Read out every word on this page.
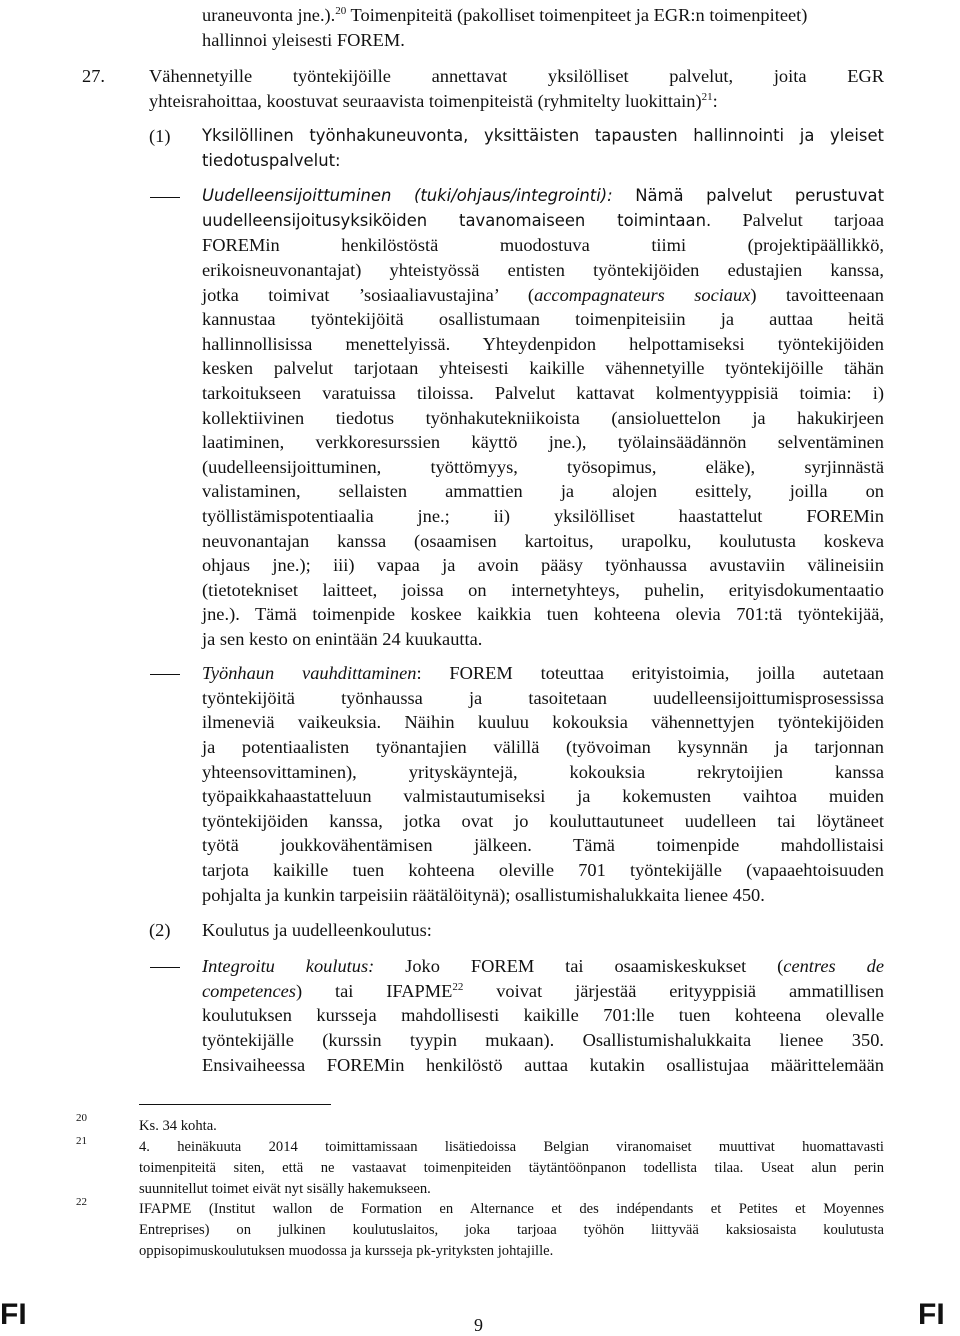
uraneuvonta jne.).$^{20}$ Toimenpiteitä (pakolliset toimenpiteet ja EGR:n toimenpiteet)
hallinnoi yleisesti FOREM.
27. Vähennetyille työntekijöille annettavat yksilölliset palvelut, joita EGR
yhteisrahoittaa, koostuvat seuraavista toimenpiteistä (ryhmitelty luokittain)$^{21}$:
(1) Yksilöllinen työnhakuneuvonta, yksittäisten tapausten hallinnointi ja yleiset
tiedotuspalvelut:
Uudelleensijoittuminen (tuki/ohjaus/integrointi): Nämä palvelut perustuvat
uudelleensijoitusyksiköiden tavanomaiseen toimintaan. Palvelut tarjoaa
FOREMin henkilöstöstä muodostuva tiimi (projektipäällikkö,
erikoisneuvonantajat) yhteistyössä entisten työntekijöiden edustajien kanssa,
jotka toimivat ’sosiaaliavustajina’ (accompagnateurs sociaux) tavoitteenaan
kannustaa työntekijöitä osallistumaan toimenpiteisiin ja auttaa heitä
hallinnollisissa menettelyissä. Yhteydenpidon helpottamiseksi työntekijöiden
kesken palvelut tarjotaan yhteisesti kaikille vähennetyille työntekijöille tähän
tarkoitukseen varatuissa tiloissa. Palvelut kattavat kolmentyyppisiä toimia: i)
kollektiivinen tiedotus työnhakutekniikoista (ansioluettelon ja hakukirjeen
laatiminen, verkkoresurssien käyttö jne.), työlainsäädännön selventäminen
(uudelleensijoittuminen, työttömyys, työsopimus, eläke), syrjinnästä
valistaminen, sellaisten ammattien ja alojen esittely, joilla on
työllistämispotentiaalia jne.; ii) yksilölliset haastattelut FOREMin
neuvonantajan kanssa (osaamisen kartoitus, urapolku, koulutusta koskeva
ohjaus jne.); iii) vapaa ja avoin pääsy työnhaussa avustaviin välineisiin
(tietotekniset laitteet, joissa on internetyhteys, puhelin, erityisdokumentaatio
jne.). Tämä toimenpide koskee kaikkia tuen kohteena olevia 701:tä työntekijää,
ja sen kesto on enintään 24 kuukautta.
Työnhaun vauhdittaminen: FOREM toteuttaa erityistoimia, joilla autetaan
työntekijöitä työnhaussa ja tasoitetaan uudelleensijoittumisprosessissa
ilmeneviä vaikeuksia. Näihin kuuluu kokouksia vähennettyjen työntekijöiden
ja potentiaalisten työnantajien välillä (työvoiman kysynnän ja tarjonnan
yhteensovittaminen), yrityskäyntejä, kokouksia rekrytoijien kanssa
työpaikkahaastatteluun valmistautumiseksi ja kokemusten vaihtoa muiden
työntekijöiden kanssa, jotka ovat jo kouluttautuneet uudelleen tai löytäneet
työtä joukkovähentämisen jälkeen. Tämä toimenpide mahdollistaisi
tarjota kaikille tuen kohteena oleville 701 työntekijälle (vapaaehtoisuuden
pohjalta ja kunkin tarpeisiin räätälöitynä); osallistumishalukkaita lienee 450.
(2) Koulutus ja uudelleenkoulutus:
Integroitu koulutus: Joko FOREM tai osaamiskeskukset (centres de
competences) tai IFAPME$^{22}$ voivat järjestää erityyppisiä ammatillisen
koulutuksen kursseja mahdollisesti kaikille 701:lle tuen kohteena olevalle
työntekijälle (kurssin tyypin mukaan). Osallistumishalukkaita lienee 350.
Ensivaiheessa FOREMin henkilöstö auttaa kutakin osallistujaa määrittelemään
20	Ks. 34 kohta.
21	4. heinäkuuta 2014 toimittamissaan lisätiedoissa Belgian viranomaiset muuttivat huomattavasti
toimenpiteitä siten, että ne vastaavat toimenpiteiden täytäntöönpanon todellista tilaa. Useat alun perin
suunnitellut toimet eivät nyt sisälly hakemukseen.
22	IFAPME (Institut wallon de Formation en Alternance et des indépendants et Petites et Moyennes
Entreprises) on julkinen koulutuslaitos, joka tarjoaa työhön liittyvää kaksiosaista koulutusta
oppisopimuskoulutuksen muodossa ja kursseja pk-yrityksten johtajille.
FI	9	FI
